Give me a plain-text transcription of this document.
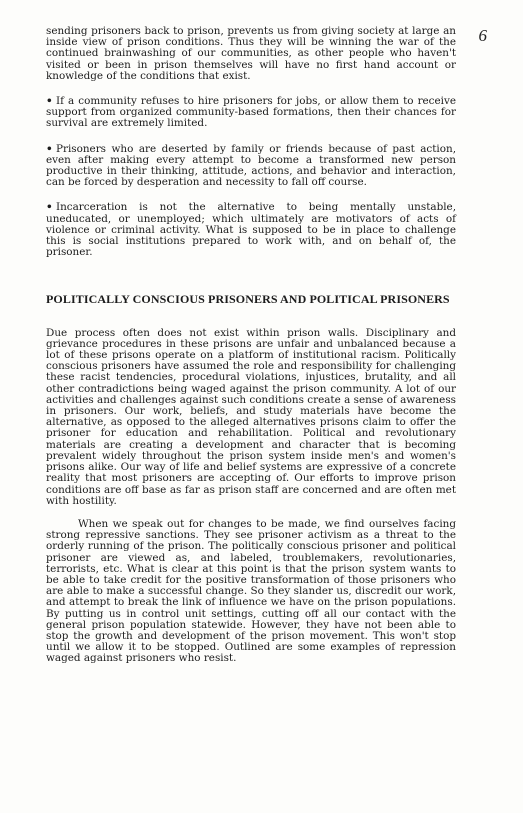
6

sending prisoners back to prison, prevents us from giving society at large an inside view of prison conditions. Thus they will be winning the war of the continued brainwashing of our communities, as other people who haven't visited or been in prison themselves will have no first hand account or knowledge of the conditions that exist.

• If a community refuses to hire prisoners for jobs, or allow them to receive support from organized community-based formations, then their chances for survival are extremely limited.

• Prisoners who are deserted by family or friends because of past action, even after making every attempt to become a transformed new person productive in their thinking, attitude, actions, and behavior and interaction, can be forced by desperation and necessity to fall off course.

• Incarceration is not the alternative to being mentally unstable, uneducated, or unemployed; which ultimately are motivators of acts of violence or criminal activity. What is supposed to be in place to challenge this is social institutions prepared to work with, and on behalf of, the prisoner.

POLITICALLY CONSCIOUS PRISONERS AND POLITICAL PRISONERS

Due process often does not exist within prison walls. Disciplinary and grievance procedures in these prisons are unfair and unbalanced because a lot of these prisons operate on a platform of institutional racism. Politically conscious prisoners have assumed the role and responsibility for challenging these racist tendencies, procedural violations, injustices, brutality, and all other contradictions being waged against the prison community. A lot of our activities and challenges against such conditions create a sense of awareness in prisoners. Our work, beliefs, and study materials have become the alternative, as opposed to the alleged alternatives prisons claim to offer the prisoner for education and rehabilitation. Political and revolutionary materials are creating a development and character that is becoming prevalent widely throughout the prison system inside men's and women's prisons alike. Our way of life and belief systems are expressive of a concrete reality that most prisoners are accepting of. Our efforts to improve prison conditions are off base as far as prison staff are concerned and are often met with hostility.

When we speak out for changes to be made, we find ourselves facing strong repressive sanctions. They see prisoner activism as a threat to the orderly running of the prison. The politically conscious prisoner and political prisoner are viewed as, and labeled, troublemakers, revolutionaries, terrorists, etc. What is clear at this point is that the prison system wants to be able to take credit for the positive transformation of those prisoners who are able to make a successful change. So they slander us, discredit our work, and attempt to break the link of influence we have on the prison populations. By putting us in control unit settings, cutting off all our contact with the general prison population statewide. However, they have not been able to stop the growth and development of the prison movement. This won't stop until we allow it to be stopped. Outlined are some examples of repression waged against prisoners who resist.
